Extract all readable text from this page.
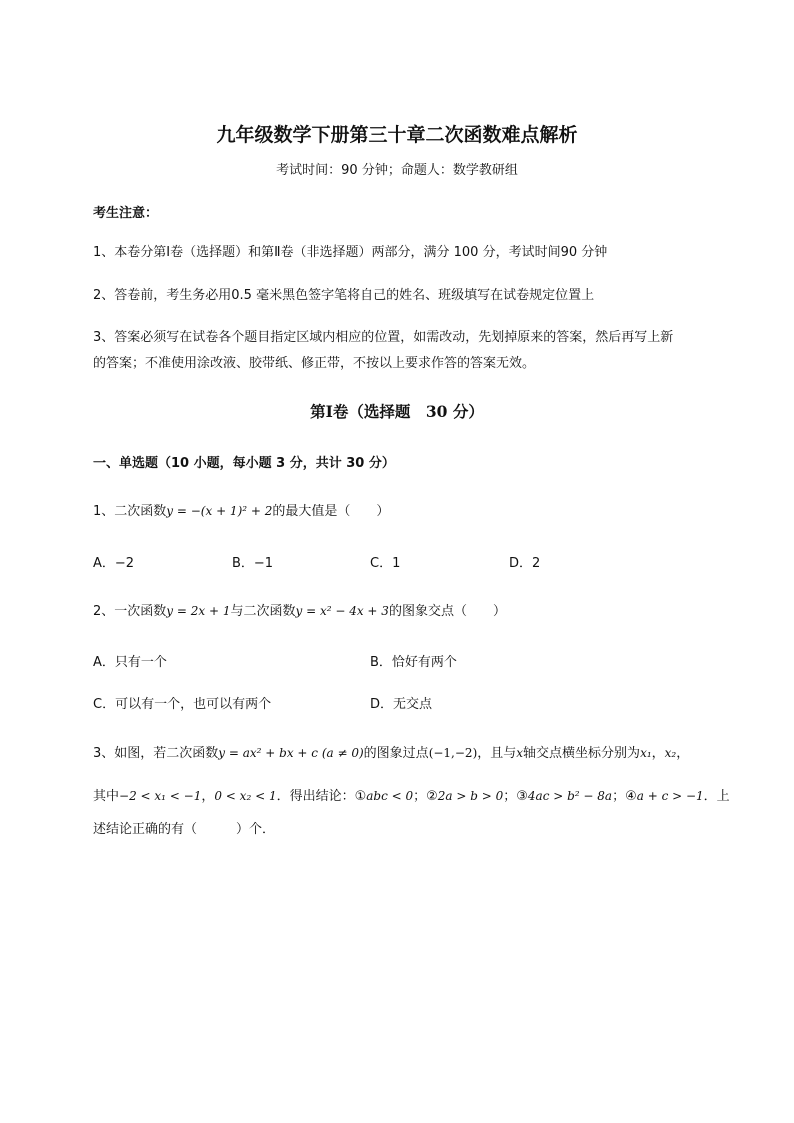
九年级数学下册第三十章二次函数难点解析
考试时间：90 分钟；命题人：数学教研组
考生注意：
1、本卷分第Ⅰ卷（选择题）和第Ⅱ卷（非选择题）两部分，满分 100 分，考试时间90 分钟
2、答卷前，考生务必用0.5 毫米黑色签字笔将自己的姓名、班级填写在试卷规定位置上
3、答案必须写在试卷各个题目指定区域内相应的位置，如需改动，先划掉原来的答案，然后再写上新
的答案；不准使用涂改液、胶带纸、修正带，不按以上要求作答的答案无效。
第Ⅰ卷（选择题　30 分）
一、单选题（10 小题，每小题 3 分，共计 30 分）
1、二次函数y = −(x + 1)² + 2的最大值是（　　）
A．−2	B．−1	C．1	D．2
2、一次函数y = 2x + 1与二次函数y = x² − 4x + 3的图象交点（　　）
A．只有一个	B．恰好有两个
C．可以有一个，也可以有两个	D．无交点
3、如图，若二次函数y = ax² + bx + c (a ≠ 0)的图象过点(−1,−2)，且与x轴交点横坐标分别为x₁，x₂，
其中−2 < x₁ < −1，0 < x₂ < 1．得出结论：①abc < 0；②2a > b > 0；③4ac > b² − 8a；④a + c > −1．上
述结论正确的有（　　　）个．
